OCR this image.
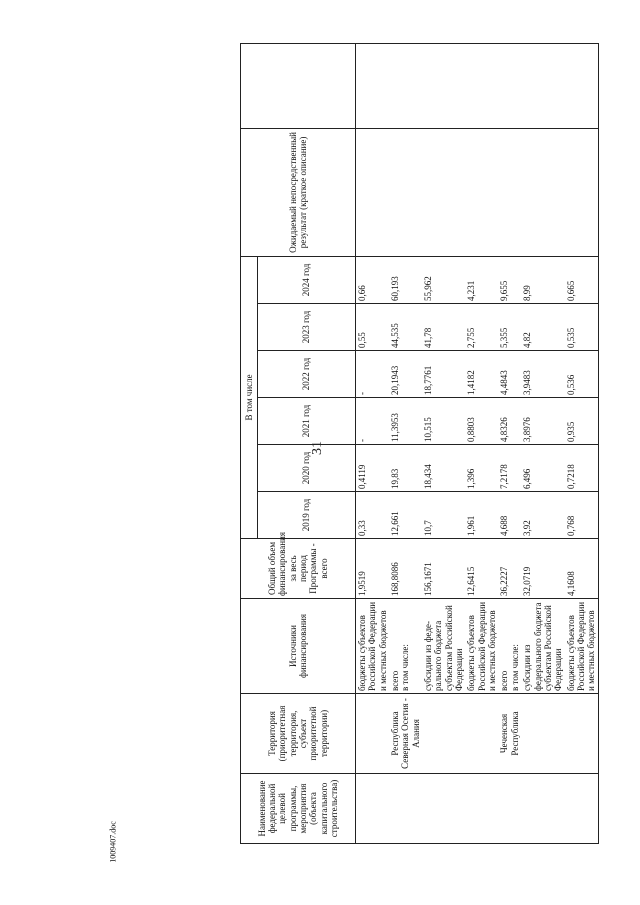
31
Наименование федеральной целевой программы, мероприятия (объекта капитального строительства)	Территория (приоритетная территория, субъект приоритетной территории)	Источники финансирования	Общий объем финансирования за весь период Программы - всего	В том числе						Ожидаемый непосредственный результат (краткое описание)	
				2019 год	2020 год	2021 год	2022 год	2023 год	2024 год		

		бюджеты субъектов Российской Федерации и местных бюджетов	1,9519	0,33	0,4119	-	-	0,55	0,66		

	Республика Северная Осетия - Алания	всего в том числе:	168,8086	12,661	19,83	11,3953	20,1943	44,535	60,193		

		субсидии из феде- рального бюджета субъектам Российской Федерации	156,1671	10,7	18,434	10,515	18,7761	41,78	55,962		

		бюджеты субъектов Российской Федерации и местных бюджетов	12,6415	1,961	1,396	0,8803	1,4182	2,755	4,231		

	Чеченская Республика	всего в том числе:	36,2227	4,688	7,2178	4,8326	4,4843	5,355	9,655		

		субсидии из федерального бюджета субъектам Российской Федерации	32,0719	3,92	6,496	3,8976	3,9483	4,82	8,99		

		бюджеты субъектов Российской Федерации и местных бюджетов	4,1608	0,768	0,7218	0,935	0,536	0,535	0,665		
1009407.doc
